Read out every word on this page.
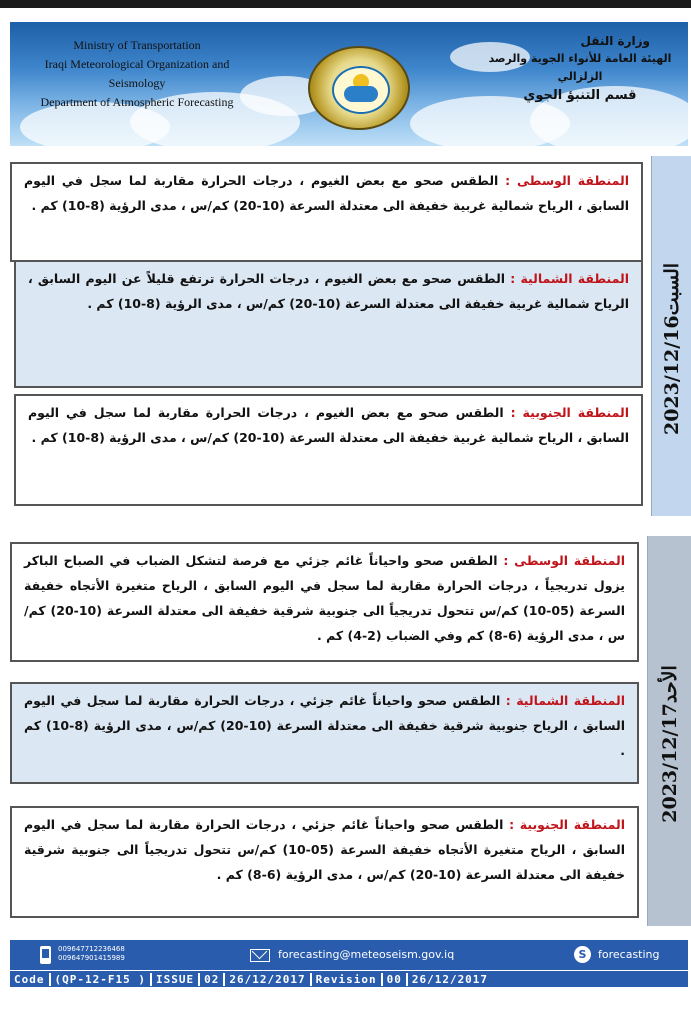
Ministry of Transportation
Iraqi Meteorological Organization and Seismology
Department of Atmospheric Forecasting
وزارة النقل
الهيئة العامة للأنواء الجوية والرصد الزلزالي
قسم التنبؤ الجوي
المنطقة الوسطى : الطقس صحو مع بعض الغيوم ، درجات الحرارة مقاربة لما سجل في اليوم السابق ، الرياح شمالية غربية خفيفة الى معتدلة السرعة (10-20) كم/س ، مدى الرؤية (8-10) كم .
المنطقة الشمالية : الطقس صحو مع بعض الغيوم ، درجات الحرارة ترتفع قليلاً عن اليوم السابق ، الرياح شمالية غربية خفيفة الى معتدلة السرعة (10-20) كم/س ، مدى الرؤية (8-10) كم .
المنطقة الجنوبية : الطقس صحو مع بعض الغيوم ، درجات الحرارة مقاربة لما سجل في اليوم السابق ، الرياح شمالية غربية خفيفة الى معتدلة السرعة (10-20) كم/س ، مدى الرؤية (8-10) كم .
2023/12/16السبت
المنطقة الوسطى : الطقس صحو واحياناً غائم جزئي مع فرصة لتشكل الضباب في الصباح الباكر يزول تدريجياً ، درجات الحرارة مقاربة لما سجل في اليوم السابق ، الرياح متغيرة الأتجاه خفيفة السرعة (05-10) كم/س تتحول تدريجياً الى جنوبية شرقية خفيفة الى معتدلة السرعة (10-20) كم/س ، مدى الرؤية (6-8) كم وفي الضباب (2-4) كم .
المنطقة الشمالية : الطقس صحو واحياناً غائم جزئي ، درجات الحرارة مقاربة لما سجل في اليوم السابق ، الرياح جنوبية شرقية خفيفة الى معتدلة السرعة (10-20) كم/س ، مدى الرؤية (8-10) كم .
المنطقة الجنوبية : الطقس صحو واحياناً غائم جزئي ، درجات الحرارة مقاربة لما سجل في اليوم السابق ، الرياح متغيرة الأتجاه خفيفة السرعة (05-10) كم/س تتحول تدريجياً الى جنوبية شرقية خفيفة الى معتدلة السرعة (10-20) كم/س ، مدى الرؤية (6-8) كم .
2023/12/17الأحد
009647712236468
009647901415989	forecasting@meteoseism.gov.iq	S	forecasting
Code (QP-12-F15 ) ISSUE 02 26/12/2017 Revision 00 26/12/2017
